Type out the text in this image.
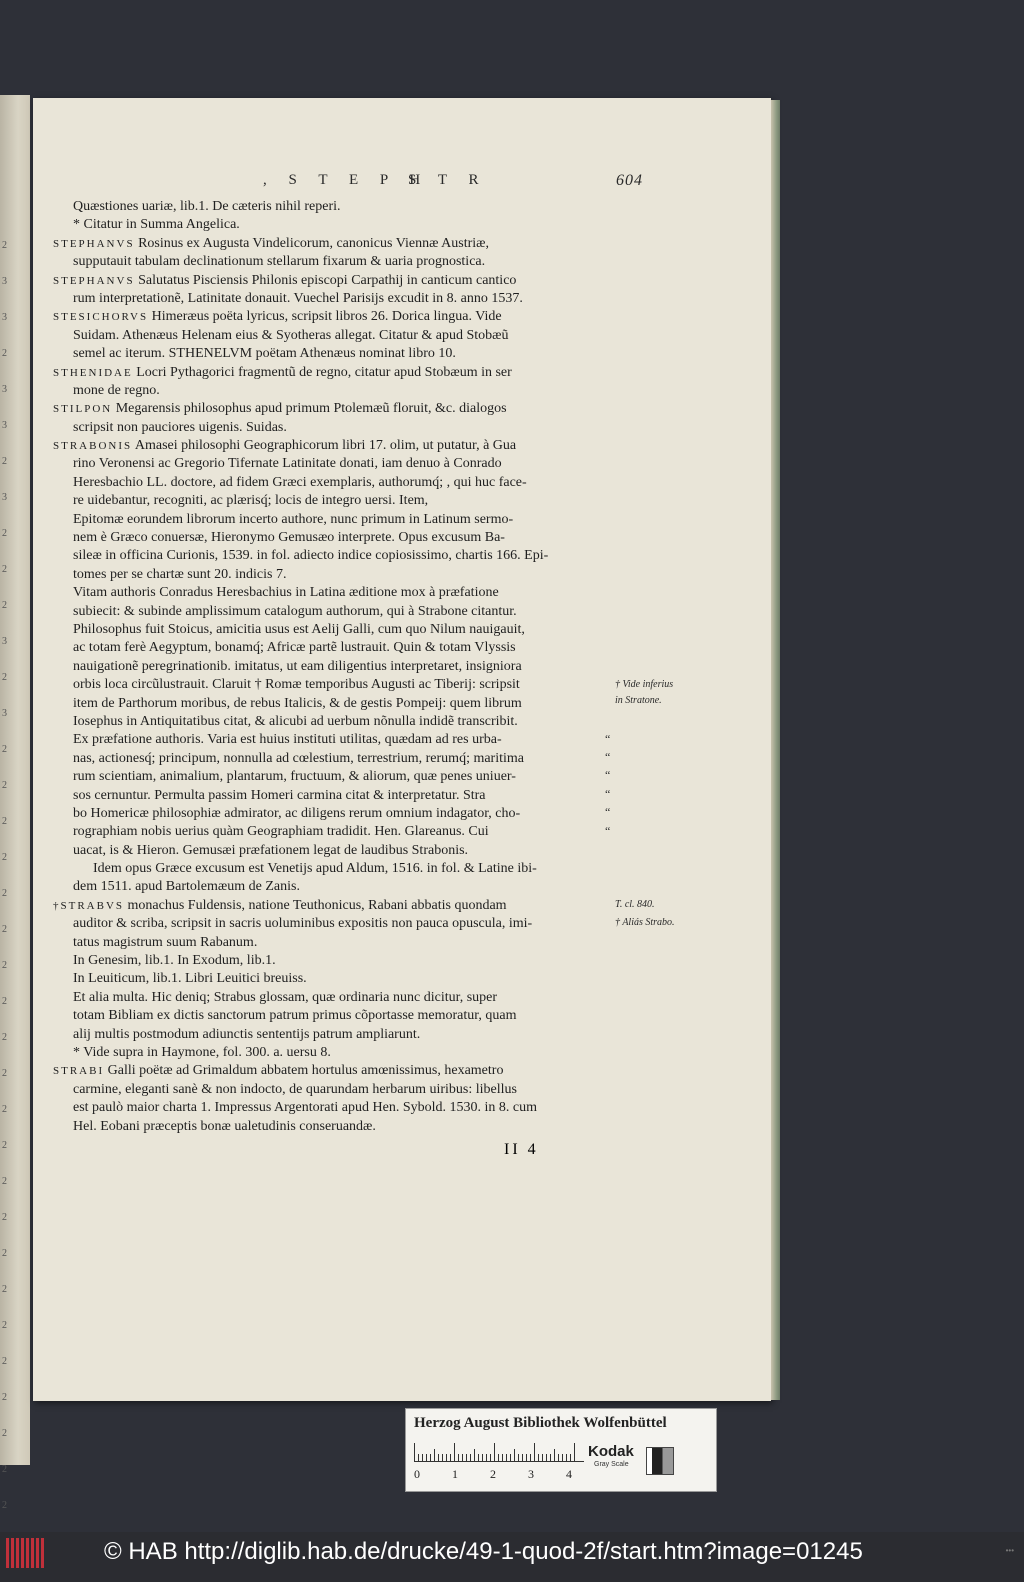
2
3
3
2
3
3
2
3
2
2
2
3
2
3
2
2
2
2
2
2
2
2
2
2
2
2
2
2
2
2
2
2
2
2
2
2
, S T E P H
S T R	604
Quæstiones uariæ, lib.1. De cæteris nihil reperi.
* Citatur in Summa Angelica.
STEPHANVS Rosinus ex Augusta Vindelicorum, canonicus Viennæ Austriæ,
supputauit tabulam declinationum stellarum fixarum & uaria prognostica.
STEPHANVS Salutatus Pisciensis Philonis episcopi Carpathij in canticum cantico
rum interpretationẽ, Latinitate donauit. Vuechel Parisijs excudit in 8. anno 1537.
STESICHORVS Himeræus poëta lyricus, scripsit libros 26. Dorica lingua. Vide
Suidam. Athenæus Helenam eius & Syotheras allegat. Citatur & apud Stobæũ
semel ac iterum. STHENELVM poëtam Athenæus nominat libro 10.
STHENIDAE Locri Pythagorici fragmentũ de regno, citatur apud Stobæum in ser
mone de regno.
STILPON Megarensis philosophus apud primum Ptolemæũ floruit, &c. dialogos
scripsit non pauciores uigenis. Suidas.
STRABONIS Amasei philosophi Geographicorum libri 17. olim, ut putatur, à Gua
rino Veronensi ac Gregorio Tifernate Latinitate donati, iam denuo à Conrado
Heresbachio LL. doctore, ad fidem Græci exemplaris, authorumq́; , qui huc face-
re uidebantur, recogniti, ac plærisq́; locis de integro uersi. Item,
Epitomæ eorundem librorum incerto authore, nunc primum in Latinum sermo-
nem è Græco conuersæ, Hieronymo Gemusæo interprete. Opus excusum Ba-
sileæ in officina Curionis, 1539. in fol. adiecto indice copiosissimo, chartis 166. Epi-
tomes per se chartæ sunt 20. indicis 7.
Vitam authoris Conradus Heresbachius in Latina æditione mox à præfatione
subiecit: & subinde amplissimum catalogum authorum, qui à Strabone citantur.
Philosophus fuit Stoicus, amicitia usus est Aelij Galli, cum quo Nilum nauigauit,
ac totam ferè Aegyptum, bonamq́; Africæ partẽ lustrauit. Quin & totam Vlyssis
nauigationẽ peregrinationib. imitatus, ut eam diligentius interpretaret, insigniora
orbis loca circũlustrauit. Claruit † Romæ temporibus Augusti ac Tiberij: scripsit
item de Parthorum moribus, de rebus Italicis, & de gestis Pompeij: quem librum
Iosephus in Antiquitatibus citat, & alicubi ad uerbum nõnulla indidẽ transcribit.
Ex præfatione authoris. Varia est huius instituti utilitas, quædam ad res urba-
nas, actionesq́; principum, nonnulla ad cœlestium, terrestrium, rerumq́; maritima
rum scientiam, animalium, plantarum, fructuum, & aliorum, quæ penes uniuer-
sos cernuntur. Permulta passim Homeri carmina citat & interpretatur. Stra
bo Homericæ philosophiæ admirator, ac diligens rerum omnium indagator, cho-
rographiam nobis uerius quàm Geographiam tradidit. Hen. Glareanus. Cui
uacat, is & Hieron. Gemusæi præfationem legat de laudibus Strabonis.
Idem opus Græce excusum est Venetijs apud Aldum, 1516. in fol. & Latine ibi-
dem 1511. apud Bartolemæum de Zanis.
†STRABVS monachus Fuldensis, natione Teuthonicus, Rabani abbatis quondam
auditor & scriba, scripsit in sacris uoluminibus expositis non pauca opuscula, imi-
tatus magistrum suum Rabanum.
In Genesim, lib.1. In Exodum, lib.1.
In Leuiticum, lib.1. Libri Leuitici breuiss.
Et alia multa. Hic deniq; Strabus glossam, quæ ordinaria nunc dicitur, super
totam Bibliam ex dictis sanctorum patrum primus cõportasse memoratur, quam
alij multis postmodum adiunctis sententijs patrum ampliarunt.
* Vide supra in Haymone, fol. 300. a. uersu 8.
STRABI Galli poëtæ ad Grimaldum abbatem hortulus amœnissimus, hexametro
carmine, eleganti sanè & non indocto, de quarundam herbarum uiribus: libellus
est paulò maior charta 1. Impressus Argentorati apud Hen. Sybold. 1530. in 8. cum
Hel. Eobani præceptis bonæ ualetudinis conseruandæ.
† Vide inferius
in Stratone.
T. cl. 840.
† Aliás Strabo.
“
“
“
“
“
“
II 4
Herzog August Bibliothek Wolfenbüttel
0	1	2	3	4
Kodak
Gray Scale
© HAB http://diglib.hab.de/drucke/49-1-quod-2f/start.htm?image=01245	•••
